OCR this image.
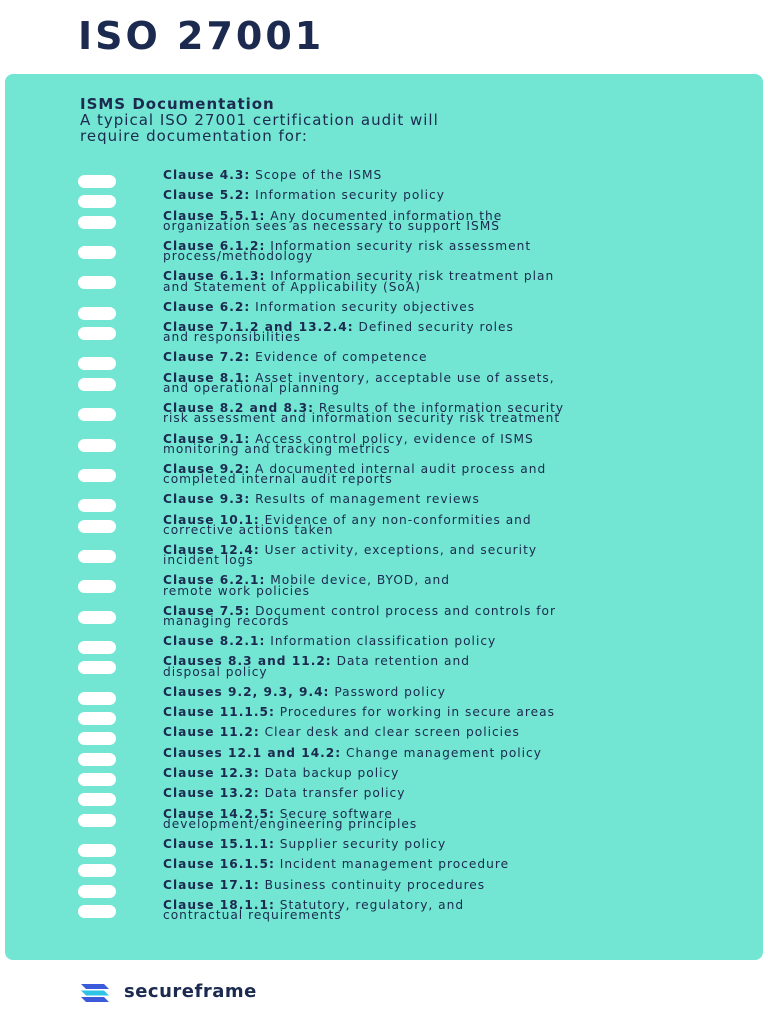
ISO 27001
ISMS Documentation
A typical ISO 27001 certification audit will
require documentation for:
Clause 4.3: Scope of the ISMS
Clause 5.2: Information security policy
Clause 5.5.1: Any documented information the
organization sees as necessary to support ISMS
Clause 6.1.2: Information security risk assessment
process/methodology
Clause 6.1.3: Information security risk treatment plan
and Statement of Applicability (SoA)
Clause 6.2: Information security objectives
Clause 7.1.2 and 13.2.4: Defined security roles
and responsibilities
Clause 7.2: Evidence of competence
Clause 8.1: Asset inventory, acceptable use of assets,
and operational planning
Clause 8.2 and 8.3: Results of the information security
risk assessment and information security risk treatment
Clause 9.1: Access control policy, evidence of ISMS
monitoring and tracking metrics
Clause 9.2: A documented internal audit process and
completed internal audit reports
Clause 9.3: Results of management reviews
Clause 10.1: Evidence of any non-conformities and
corrective actions taken
Clause 12.4: User activity, exceptions, and security
incident logs
Clause 6.2.1: Mobile device, BYOD, and
remote work policies
Clause 7.5: Document control process and controls for
managing records
Clause 8.2.1: Information classification policy
Clauses 8.3 and 11.2: Data retention and
disposal policy
Clauses 9.2, 9.3, 9.4: Password policy
Clause 11.1.5: Procedures for working in secure areas
Clause 11.2: Clear desk and clear screen policies
Clauses 12.1 and 14.2: Change management policy
Clause 12.3: Data backup policy
Clause 13.2: Data transfer policy
Clause 14.2.5: Secure software
development/engineering principles
Clause 15.1.1: Supplier security policy
Clause 16.1.5: Incident management procedure
Clause 17.1: Business continuity procedures
Clause 18.1.1: Statutory, regulatory, and
contractual requirements
secureframe
